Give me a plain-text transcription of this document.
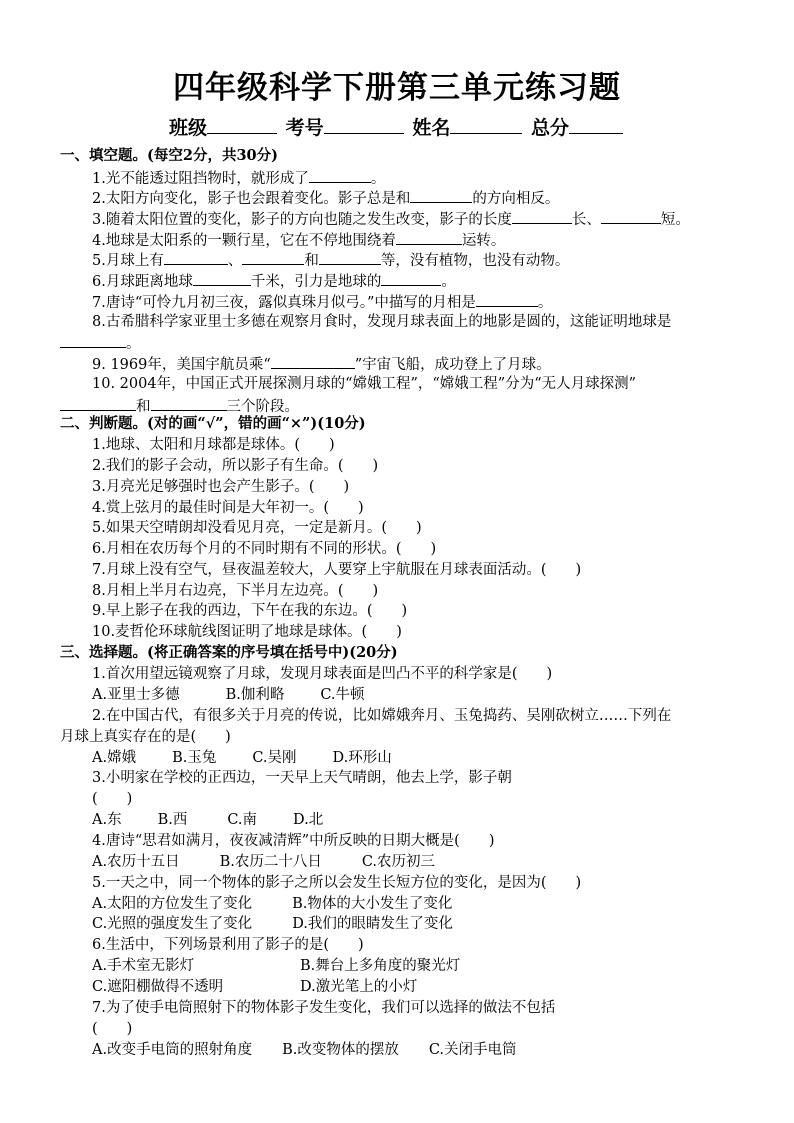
四年级科学下册第三单元练习题
班级	考号	姓名	总分
一、填空题。(每空2分，共30分)
1.光不能透过阻挡物时，就形成了	。
2.太阳方向变化，影子也会跟着变化。影子总是和	的方向相反。
3.随着太阳位置的变化，影子的方向也随之发生改变，影子的长度	长、	短。
4.地球是太阳系的一颗行星，它在不停地围绕着	运转。
5.月球上有	、	和	等，没有植物，也没有动物。
6.月球距离地球	千米，引力是地球的	。
7.唐诗“可怜九月初三夜，露似真珠月似弓。”中描写的月相是	。
8.古希腊科学家亚里士多德在观察月食时，发现月球表面上的地影是圆的，这能证明地球是
。
9. 1969年，美国宇航员乘“	”宇宙飞船，成功登上了月球。
10. 2004年，中国正式开展探测月球的“嫦娥工程”，“嫦娥工程”分为“无人月球探测”
和	三个阶段。
二、判断题。(对的画“√”，错的画“×”)(10分)
1.地球、太阳和月球都是球体。(　　)
2.我们的影子会动，所以影子有生命。(　　)
3.月亮光足够强时也会产生影子。(　　)
4.赏上弦月的最佳时间是大年初一。(　　)
5.如果天空晴朗却没看见月亮，一定是新月。(　　)
6.月相在农历每个月的不同时期有不同的形状。(　　)
7.月球上没有空气，昼夜温差较大，人要穿上宇航服在月球表面活动。(　　)
8.月相上半月右边亮，下半月左边亮。(　　)
9.早上影子在我的西边，下午在我的东边。(　　)
10.麦哲伦环球航线图证明了地球是球体。(　　)
三、选择题。(将正确答案的序号填在括号中)(20分)
1.首次用望远镜观察了月球，发现月球表面是凹凸不平的科学家是(　　)
A.亚里士多德	B.伽利略 C.牛顿
2.在中国古代，有很多关于月亮的传说，比如嫦娥奔月、玉兔捣药、吴刚砍树立……下列在
月球上真实存在的是(　　)
A.嫦娥 B.玉兔 C.吴刚 D.环形山
3.小明家在学校的正西边，一天早上天气晴朗，他去上学，影子朝
(　　)
A.东 B.西	C.南 D.北
4.唐诗“思君如满月，夜夜减清辉”中所反映的日期大概是(　　)
A.农历十五日	B.农历二十八日	C.农历初三
5.一天之中，同一个物体的影子之所以会发生长短方位的变化，是因为(　　)
A.太阳的方位发生了变化	B.物体的大小发生了变化
C.光照的强度发生了变化	D.我们的眼睛发生了变化
6.生活中，下列场景利用了影子的是(　　)
A.手术室无影灯	B.舞台上多角度的聚光灯
C.遮阳棚做得不透明	D.激光笔上的小灯
7.为了使手电筒照射下的物体影子发生变化，我们可以选择的做法不包括
(　　)
A.改变手电筒的照射角度 B.改变物体的摆放 C.关闭手电筒
